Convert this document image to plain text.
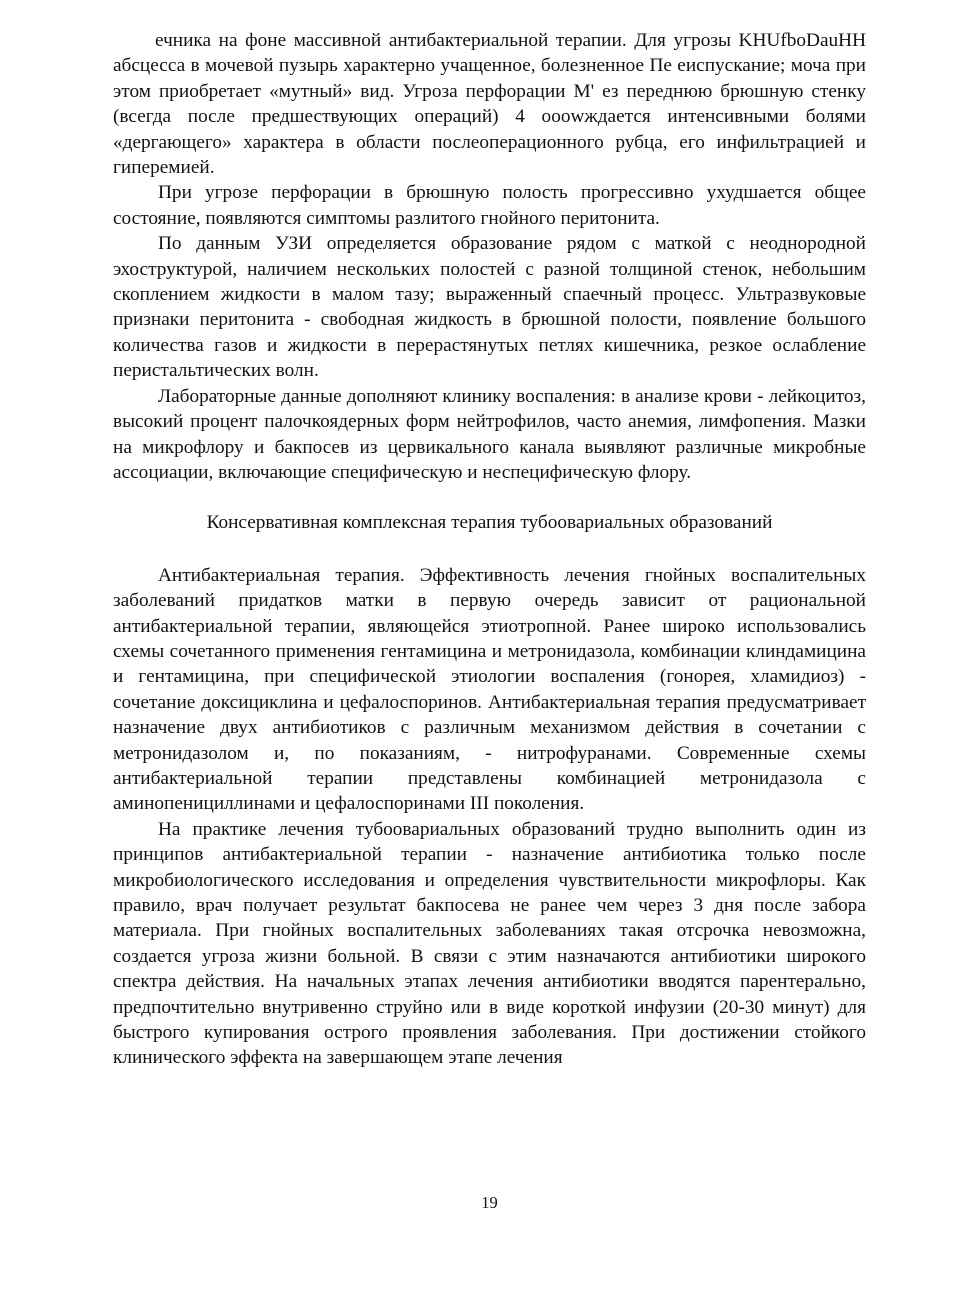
ечника на фоне массивной антибактериальной терапии. Для угрозы KHUfboDauHH абсцесса в мочевой пузырь характерно учащенное, болезненное Пе еиспускание; моча при этом приобретает «мутный» вид. Угроза перфорации М' ез переднюю брюшную стенку (всегда после предшествующих операций) 4 ооowждается интенсивными болями «дергающего» характера в области послеоперационного рубца, его инфильтрацией и гиперемией.

При угрозе перфорации в брюшную полость прогрессивно ухудшается общее состояние, появляются симптомы разлитого гнойного перитонита.

По данным УЗИ определяется образование рядом с маткой с неоднородной эхоструктурой, наличием нескольких полостей с разной толщиной стенок, небольшим скоплением жидкости в малом тазу; выраженный спаечный процесс. Ультразвуковые признаки перитонита - свободная жидкость в брюшной полости, появление большого количества газов и жидкости в перерастянутых петлях кишечника, резкое ослабление перистальтических волн.

Лабораторные данные дополняют клинику воспаления: в анализе крови - лейкоцитоз, высокий процент палочкоядерных форм нейтрофилов, часто анемия, лимфопения. Мазки на микрофлору и бакпосев из цервикального канала выявляют различные микробные ассоциации, включающие специфическую и неспецифическую флору.

Консервативная комплексная терапия тубоовариальных образований

Антибактериальная терапия. Эффективность лечения гнойных воспалительных заболеваний придатков матки в первую очередь зависит от рациональной антибактериальной терапии, являющейся этиотропной. Ранее широко использовались схемы сочетанного применения гентамицина и метронидазола, комбинации клиндамицина и гентамицина, при специфической этиологии воспаления (гонорея, хламидиоз) - сочетание доксициклина и цефалоспоринов. Антибактериальная терапия предусматривает назначение двух антибиотиков с различным механизмом действия в сочетании с метронидазолом и, по показаниям, - нитрофуранами. Современные схемы антибактериальной терапии представлены комбинацией метронидазола с аминопенициллинами и цефалоспоринами III поколения.

На практике лечения тубоовариальных образований трудно выполнить один из принципов антибактериальной терапии - назначение антибиотика только после микробиологического исследования и определения чувствительности микрофлоры. Как правило, врач получает результат бакпосева не ранее чем через 3 дня после забора материала. При гнойных воспалительных заболеваниях такая отсрочка невозможна, создается угроза жизни больной. В связи с этим назначаются антибиотики широкого спектра действия. На начальных этапах лечения антибиотики вводятся парентерально, предпочтительно внутривенно струйно или в виде короткой инфузии (20-30 минут) для быстрого купирования острого проявления заболевания. При достижении стойкого клинического эффекта на завершающем этапе лечения

19
